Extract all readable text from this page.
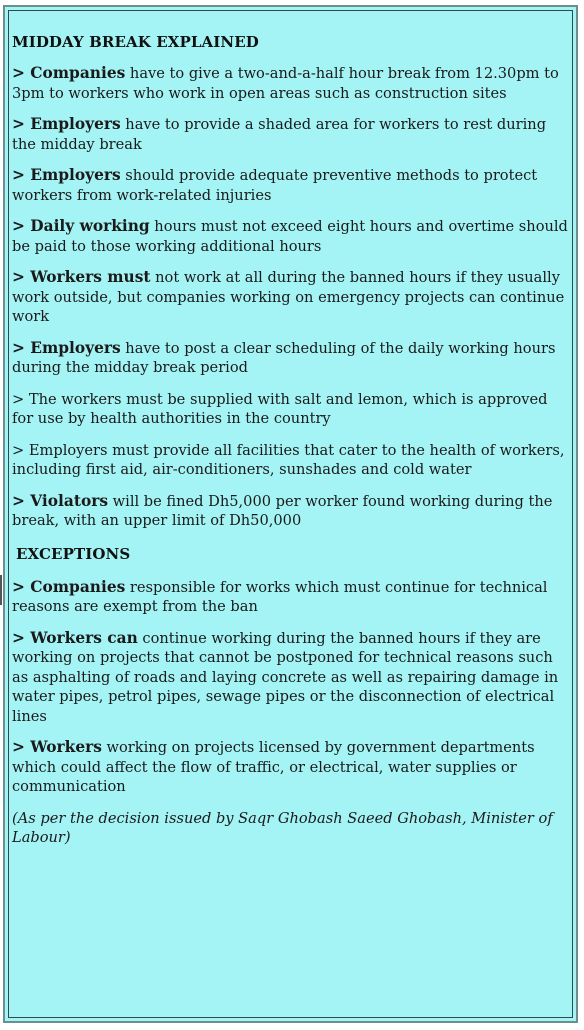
MIDDAY BREAK EXPLAINED

> Companies have to give a two-and-a-half hour break from 12.30pm to 3pm to workers who work in open areas such as construction sites

> Employers have to provide a shaded area for workers to rest during the midday break

> Employers should provide adequate preventive methods to protect workers from work-related injuries

> Daily working hours must not exceed eight hours and overtime should be paid to those working additional hours

> Workers must not work at all during the banned hours if they usually work outside, but companies working on emergency projects can continue work

> Employers have to post a clear scheduling of the daily working hours during the midday break period

> The workers must be supplied with salt and lemon, which is approved for use by health authorities in the country

> Employers must provide all facilities that cater to the health of workers, including first aid, air-conditioners, sunshades and cold water

> Violators will be fined Dh5,000 per worker found working during the break, with an upper limit of Dh50,000

EXCEPTIONS

> Companies responsible for works which must continue for technical reasons are exempt from the ban

> Workers can continue working during the banned hours if they are working on projects that cannot be postponed for technical reasons such as asphalting of roads and laying concrete as well as repairing damage in water pipes, petrol pipes, sewage pipes or the disconnection of electrical lines

> Workers working on projects licensed by government departments which could affect the flow of traffic, or electrical, water supplies or communication

(As per the decision issued by Saqr Ghobash Saeed Ghobash, Minister of Labour)
